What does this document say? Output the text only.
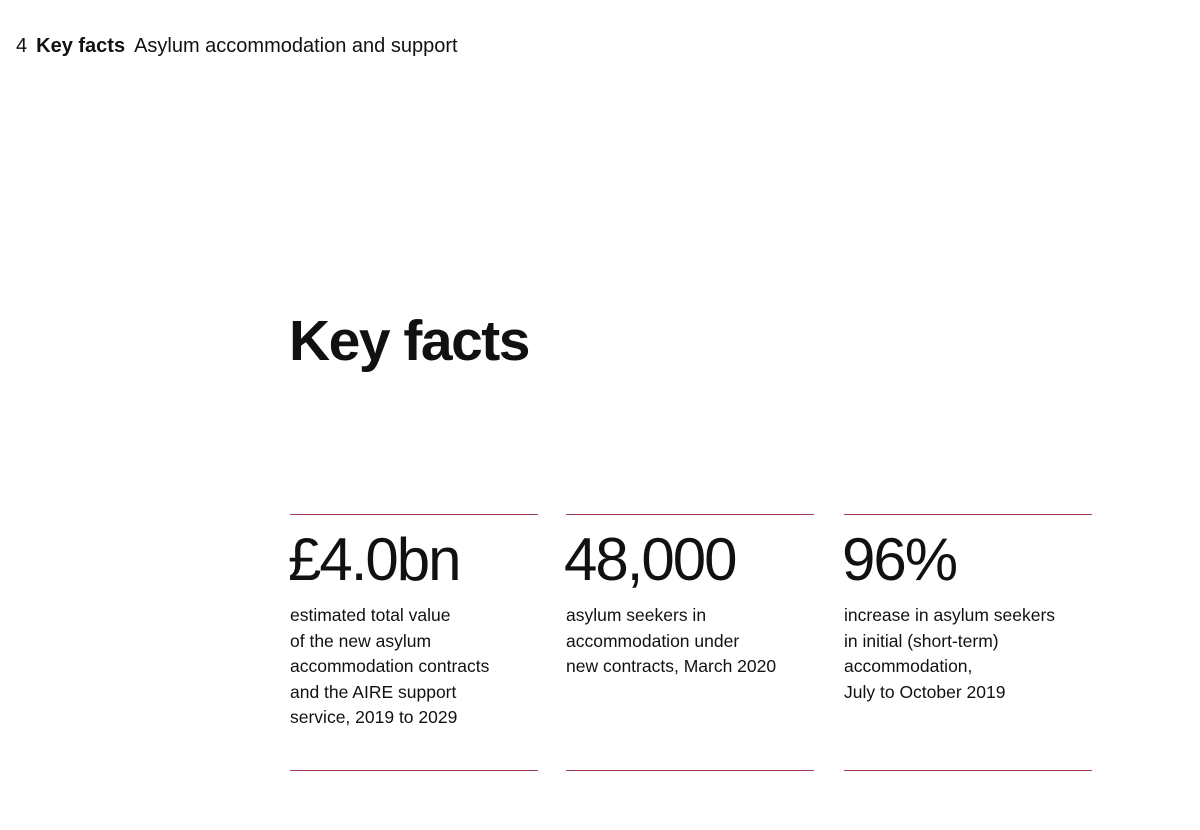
4 Key facts Asylum accommodation and support
Key facts
£4.0bn
estimated total value
of the new asylum
accommodation contracts
and the AIRE support
service, 2019 to 2029
48,000
asylum seekers in
accommodation under
new contracts, March 2020
96%
increase in asylum seekers
in initial (short-term)
accommodation,
July to October 2019
